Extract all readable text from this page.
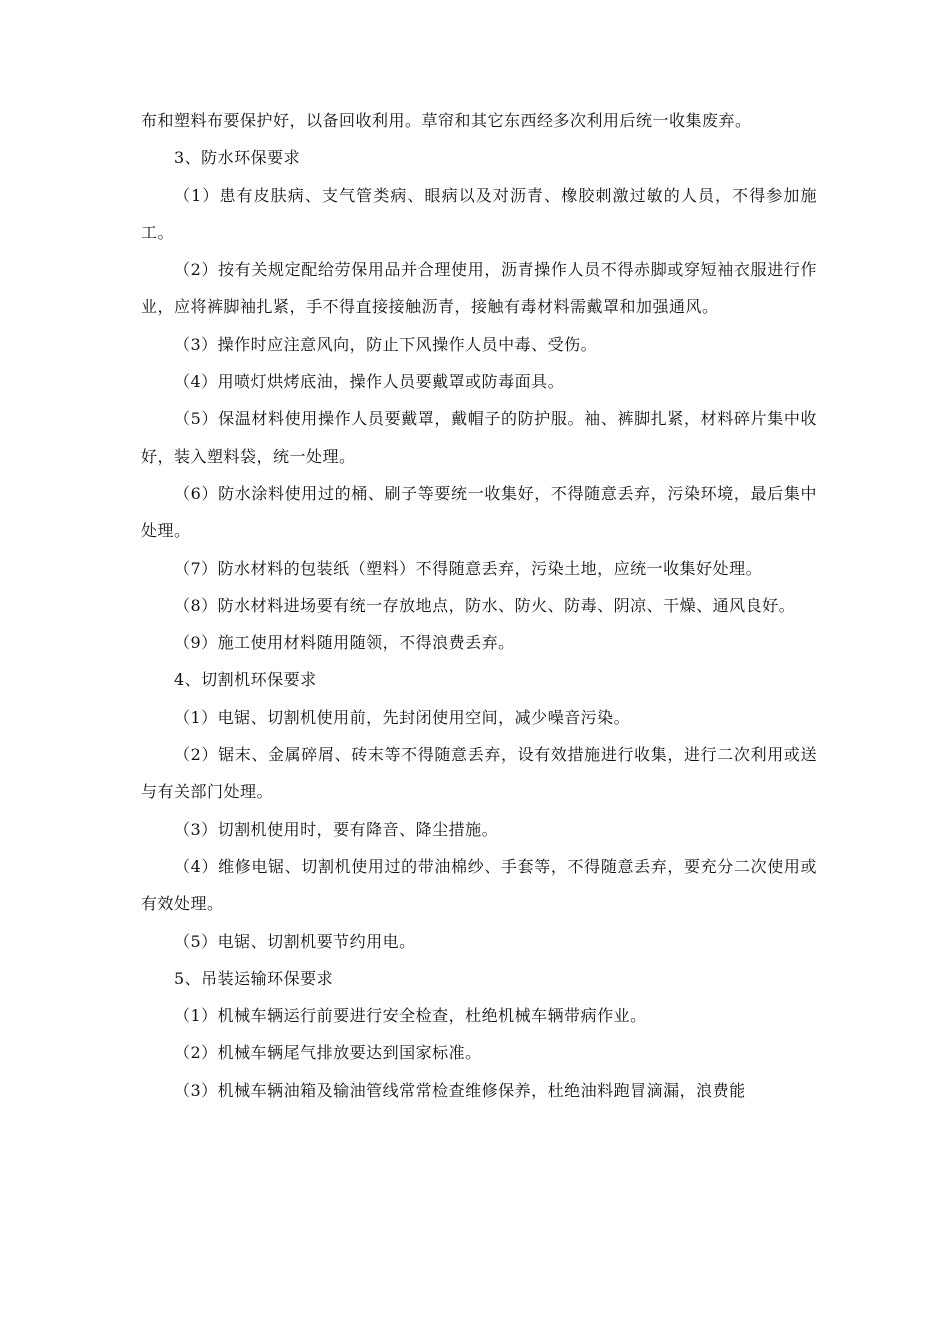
布和塑料布要保护好，以备回收利用。草帘和其它东西经多次利用后统一收集废弃。

3、防水环保要求

（1）患有皮肤病、支气管类病、眼病以及对沥青、橡胶刺激过敏的人员，不得参加施工。

（2）按有关规定配给劳保用品并合理使用，沥青操作人员不得赤脚或穿短袖衣服进行作业，应将裤脚袖扎紧，手不得直接接触沥青，接触有毒材料需戴罩和加强通风。

（3）操作时应注意风向，防止下风操作人员中毒、受伤。

（4）用喷灯烘烤底油，操作人员要戴罩或防毒面具。

（5）保温材料使用操作人员要戴罩，戴帽子的防护服。袖、裤脚扎紧，材料碎片集中收好，装入塑料袋，统一处理。

（6）防水涂料使用过的桶、刷子等要统一收集好，不得随意丢弃，污染环境，最后集中处理。

（7）防水材料的包装纸（塑料）不得随意丢弃，污染土地，应统一收集好处理。

（8）防水材料进场要有统一存放地点，防水、防火、防毒、阴凉、干燥、通风良好。

（9）施工使用材料随用随领，不得浪费丢弃。

4、切割机环保要求

（1）电锯、切割机使用前，先封闭使用空间，减少噪音污染。

（2）锯末、金属碎屑、砖末等不得随意丢弃，设有效措施进行收集，进行二次利用或送与有关部门处理。

（3）切割机使用时，要有降音、降尘措施。

（4）维修电锯、切割机使用过的带油棉纱、手套等，不得随意丢弃，要充分二次使用或有效处理。

（5）电锯、切割机要节约用电。

5、吊装运输环保要求

（1）机械车辆运行前要进行安全检查，杜绝机械车辆带病作业。

（2）机械车辆尾气排放要达到国家标准。

（3）机械车辆油箱及输油管线常常检查维修保养，杜绝油料跑冒滴漏，浪费能
